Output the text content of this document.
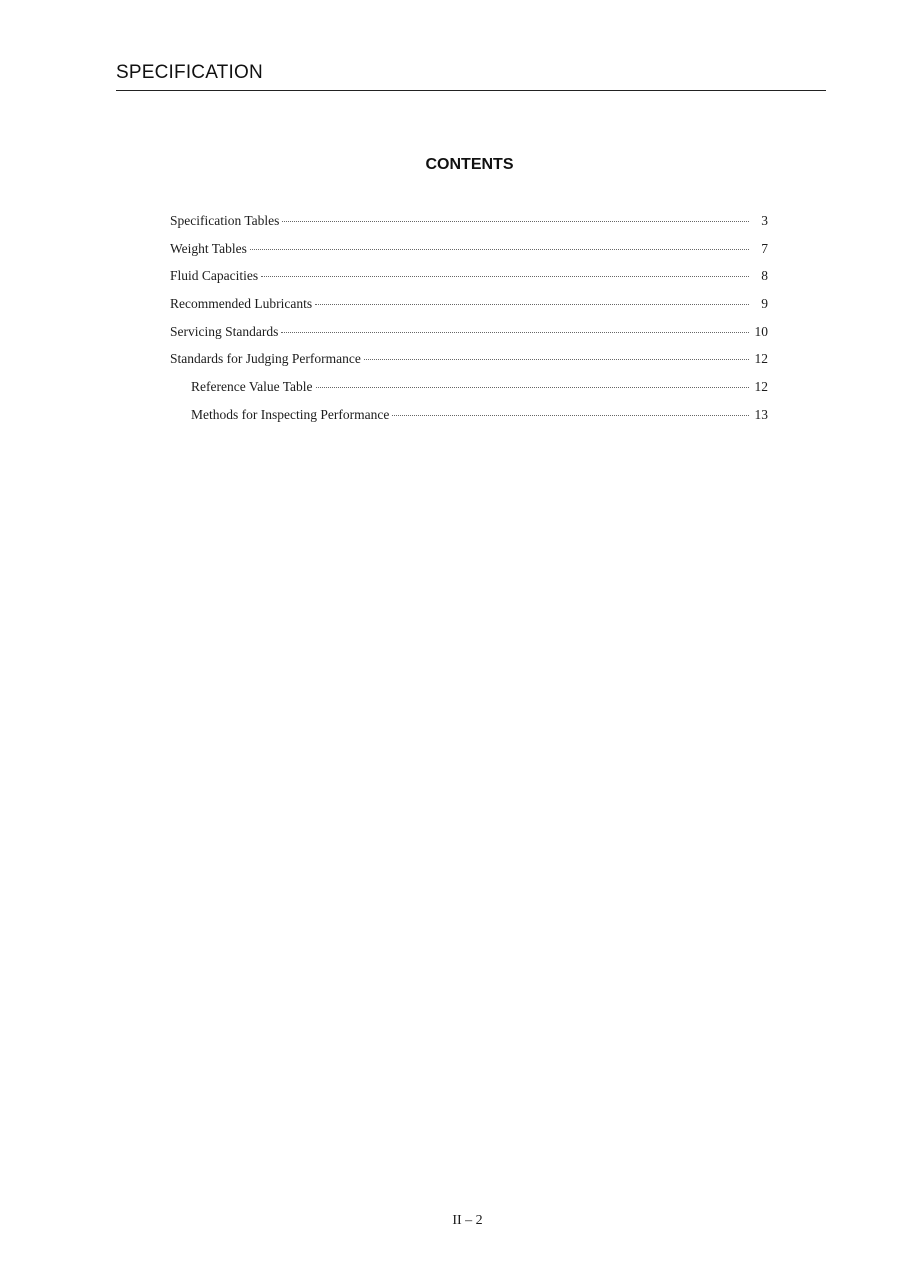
SPECIFICATION
CONTENTS
Specification Tables	3
Weight Tables	7
Fluid Capacities	8
Recommended Lubricants	9
Servicing Standards	10
Standards for Judging Performance	12
Reference Value Table	12
Methods for Inspecting Performance	13
II – 2
